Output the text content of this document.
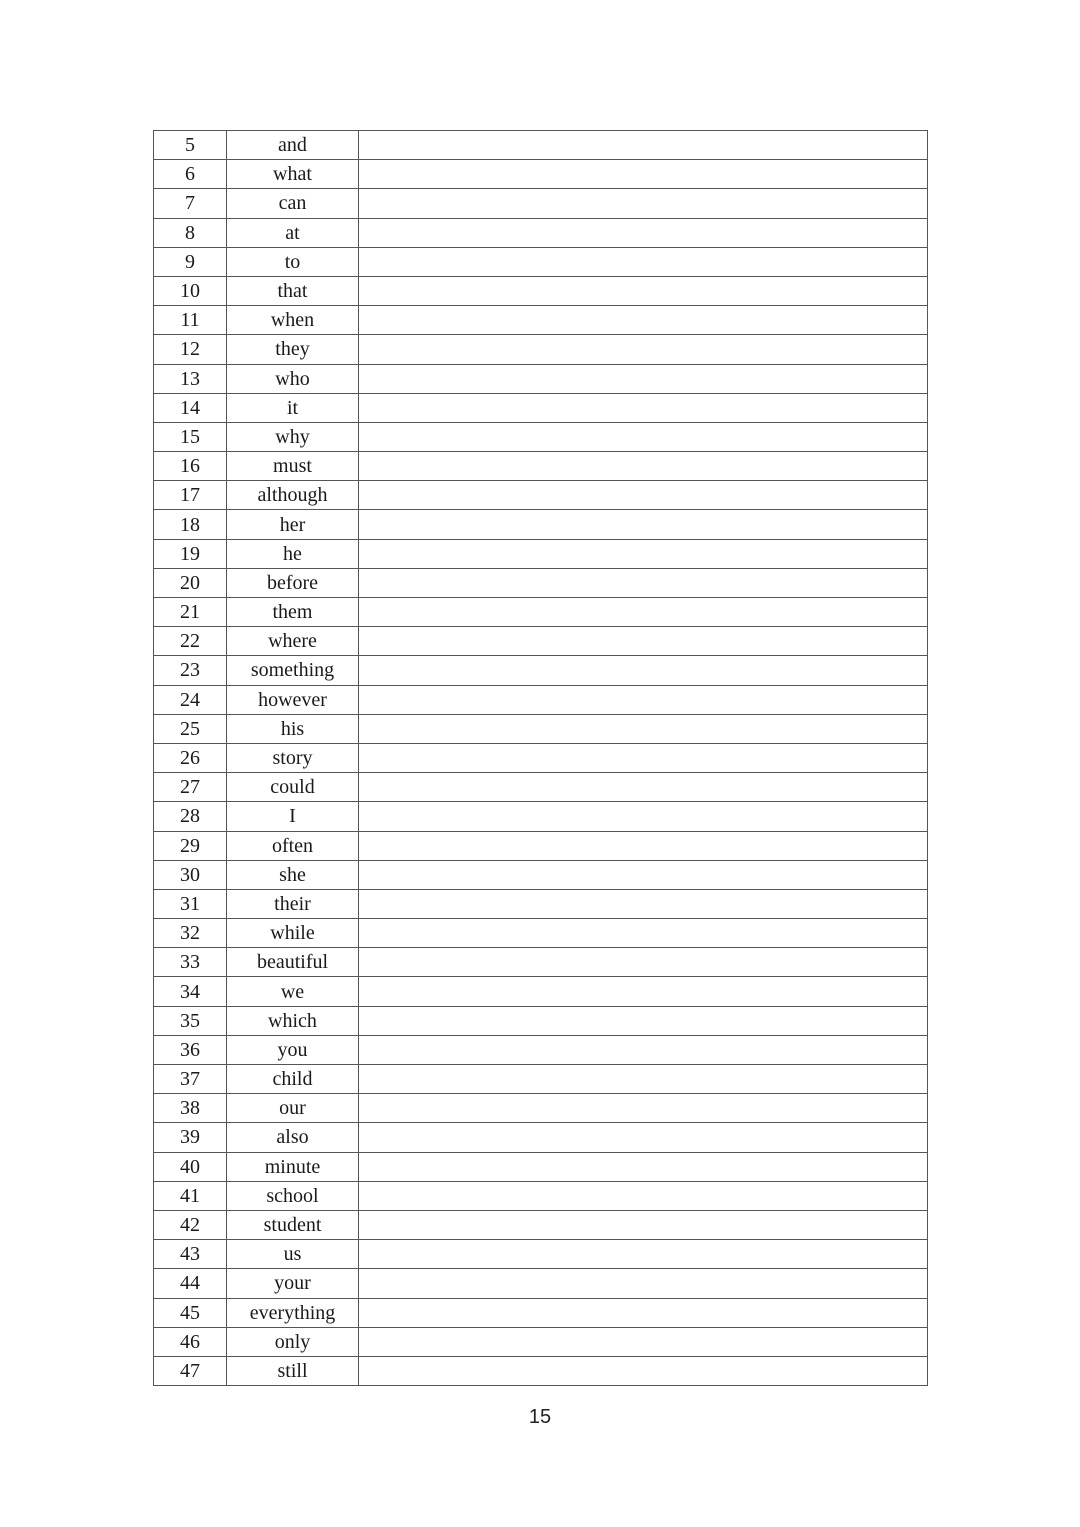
5	and	
6	what	
7	can	
8	at	
9	to	
10	that	
11	when	
12	they	
13	who	
14	it	
15	why	
16	must	
17	although	
18	her	
19	he	
20	before	
21	them	
22	where	
23	something	
24	however	
25	his	
26	story	
27	could	
28	I	
29	often	
30	she	
31	their	
32	while	
33	beautiful	
34	we	
35	which	
36	you	
37	child	
38	our	
39	also	
40	minute	
41	school	
42	student	
43	us	
44	your	
45	everything	
46	only	
47	still	
15
